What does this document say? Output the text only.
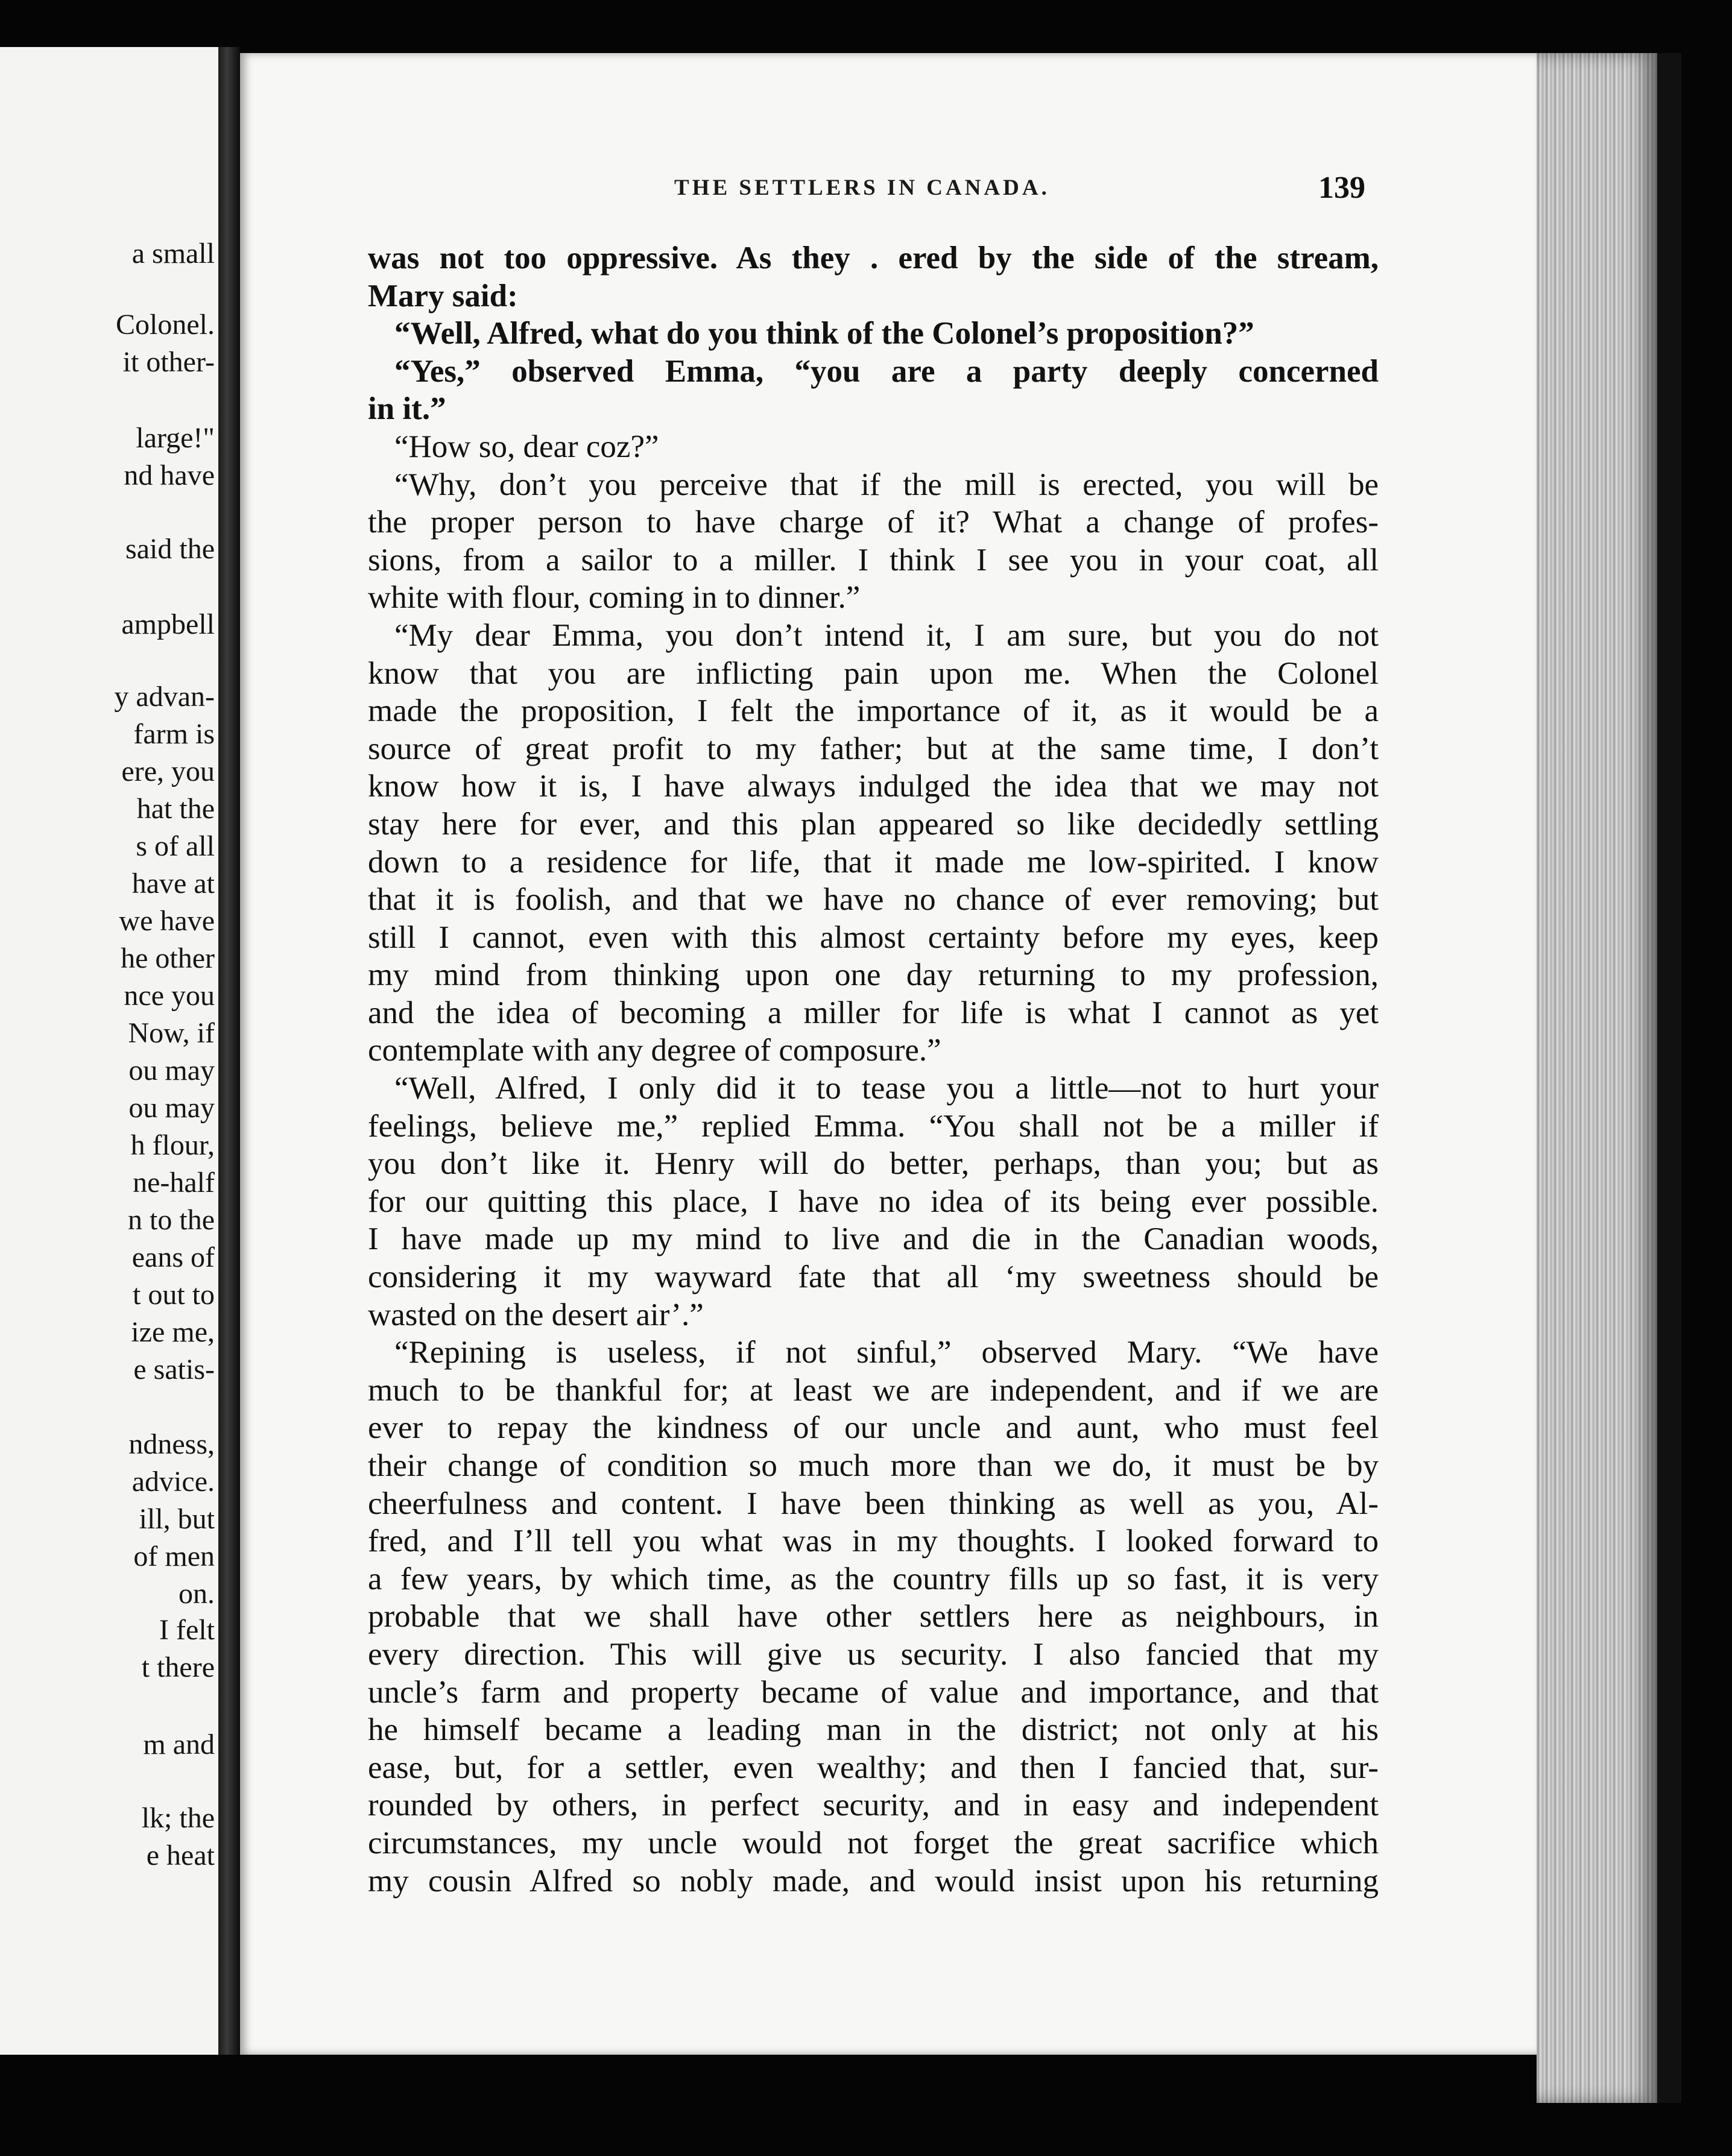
a small

Colonel.

it other-

large!"

nd have

said the

ampbell

y advan-

farm is

ere, you

hat the

s of all

have at

we have

he other

nce you

Now, if

ou may

ou may

h flour,

ne-half

n to the

eans of

t out to

ize me,

e satis-

ndness,

advice.

ill, but

of men

on.

I felt

t there

m and

lk; the

e heat

THE SETTLERS IN CANADA.	139

was not too oppressive. As they . ered by the side of the stream,

Mary said:

“Well, Alfred, what do you think of the Colonel’s proposition?”

“Yes,” observed Emma, “you are a party deeply concerned

in it.”

“How so, dear coz?”

“Why, don’t you perceive that if the mill is erected, you will be

the proper person to have charge of it? What a change of profes-

sions, from a sailor to a miller. I think I see you in your coat, all

white with flour, coming in to dinner.”

“My dear Emma, you don’t intend it, I am sure, but you do not

know that you are inflicting pain upon me. When the Colonel

made the proposition, I felt the importance of it, as it would be a

source of great profit to my father; but at the same time, I don’t

know how it is, I have always indulged the idea that we may not

stay here for ever, and this plan appeared so like decidedly settling

down to a residence for life, that it made me low-spirited. I know

that it is foolish, and that we have no chance of ever removing; but

still I cannot, even with this almost certainty before my eyes, keep

my mind from thinking upon one day returning to my profession,

and the idea of becoming a miller for life is what I cannot as yet

contemplate with any degree of composure.”

“Well, Alfred, I only did it to tease you a little—not to hurt your

feelings, believe me,” replied Emma. “You shall not be a miller if

you don’t like it. Henry will do better, perhaps, than you; but as

for our quitting this place, I have no idea of its being ever possible.

I have made up my mind to live and die in the Canadian woods,

considering it my wayward fate that all ‘my sweetness should be

wasted on the desert air’.”

“Repining is useless, if not sinful,” observed Mary. “We have

much to be thankful for; at least we are independent, and if we are

ever to repay the kindness of our uncle and aunt, who must feel

their change of condition so much more than we do, it must be by

cheerfulness and content. I have been thinking as well as you, Al-

fred, and I’ll tell you what was in my thoughts. I looked forward to

a few years, by which time, as the country fills up so fast, it is very

probable that we shall have other settlers here as neighbours, in

every direction. This will give us security. I also fancied that my

uncle’s farm and property became of value and importance, and that

he himself became a leading man in the district; not only at his

ease, but, for a settler, even wealthy; and then I fancied that, sur-

rounded by others, in perfect security, and in easy and independent

circumstances, my uncle would not forget the great sacrifice which

my cousin Alfred so nobly made, and would insist upon his returning
